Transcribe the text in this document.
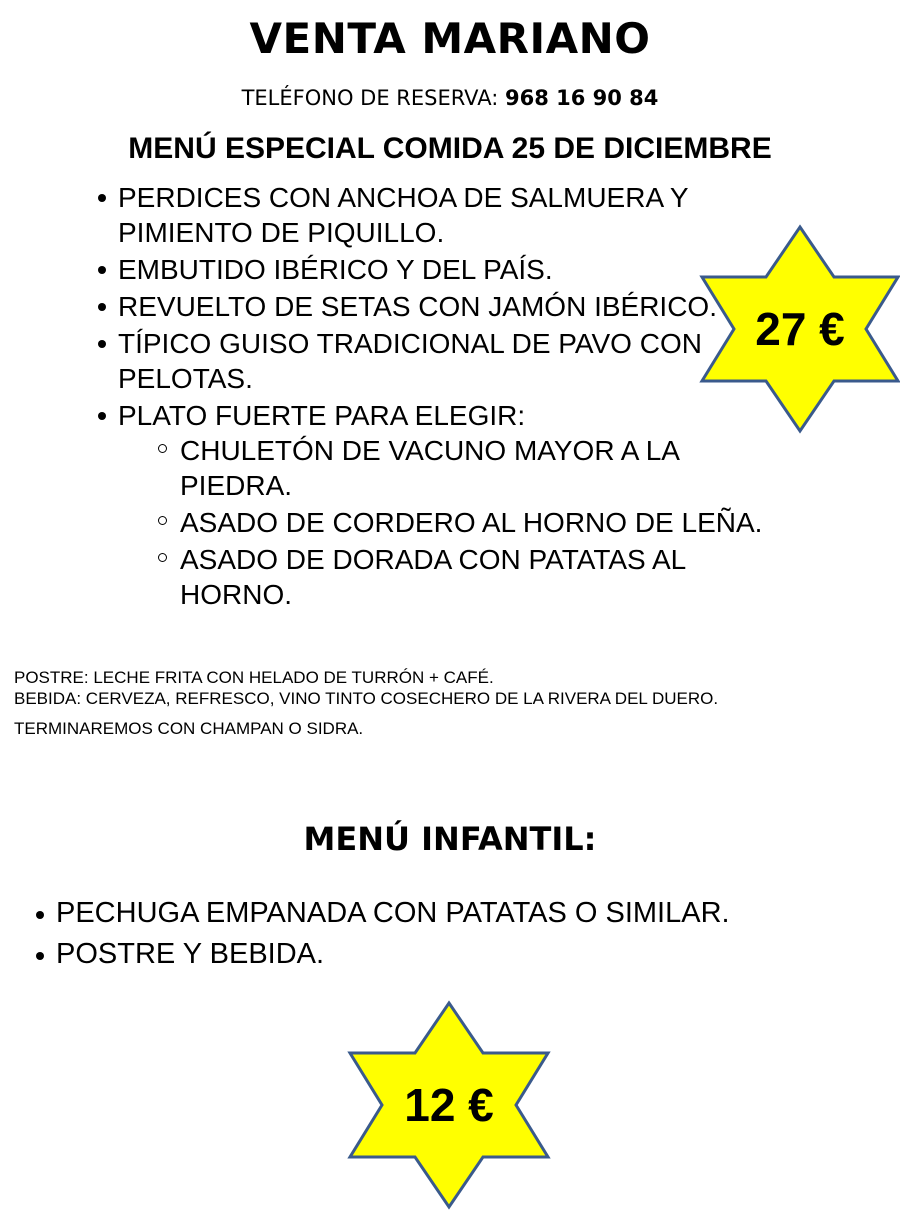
VENTA MARIANO
TELÉFONO DE RESERVA: 968 16 90 84
MENÚ ESPECIAL COMIDA 25 DE DICIEMBRE
PERDICES CON ANCHOA DE SALMUERA Y PIMIENTO DE PIQUILLO.
EMBUTIDO IBÉRICO Y DEL PAÍS.
REVUELTO DE SETAS CON JAMÓN IBÉRICO.
TÍPICO GUISO TRADICIONAL DE PAVO CON PELOTAS.
PLATO FUERTE PARA ELEGIR:
CHULETÓN DE VACUNO MAYOR A LA PIEDRA.
ASADO DE CORDERO AL HORNO DE LEÑA.
ASADO DE DORADA CON PATATAS AL HORNO.
27 €

POSTRE: LECHE FRITA CON HELADO DE TURRÓN + CAFÉ.

BEBIDA: CERVEZA, REFRESCO, VINO TINTO COSECHERO DE LA RIVERA DEL DUERO.

TERMINAREMOS CON CHAMPAN O SIDRA.

MENÚ INFANTIL:
PECHUGA EMPANADA CON PATATAS O SIMILAR.
POSTRE Y BEBIDA.
12 €
